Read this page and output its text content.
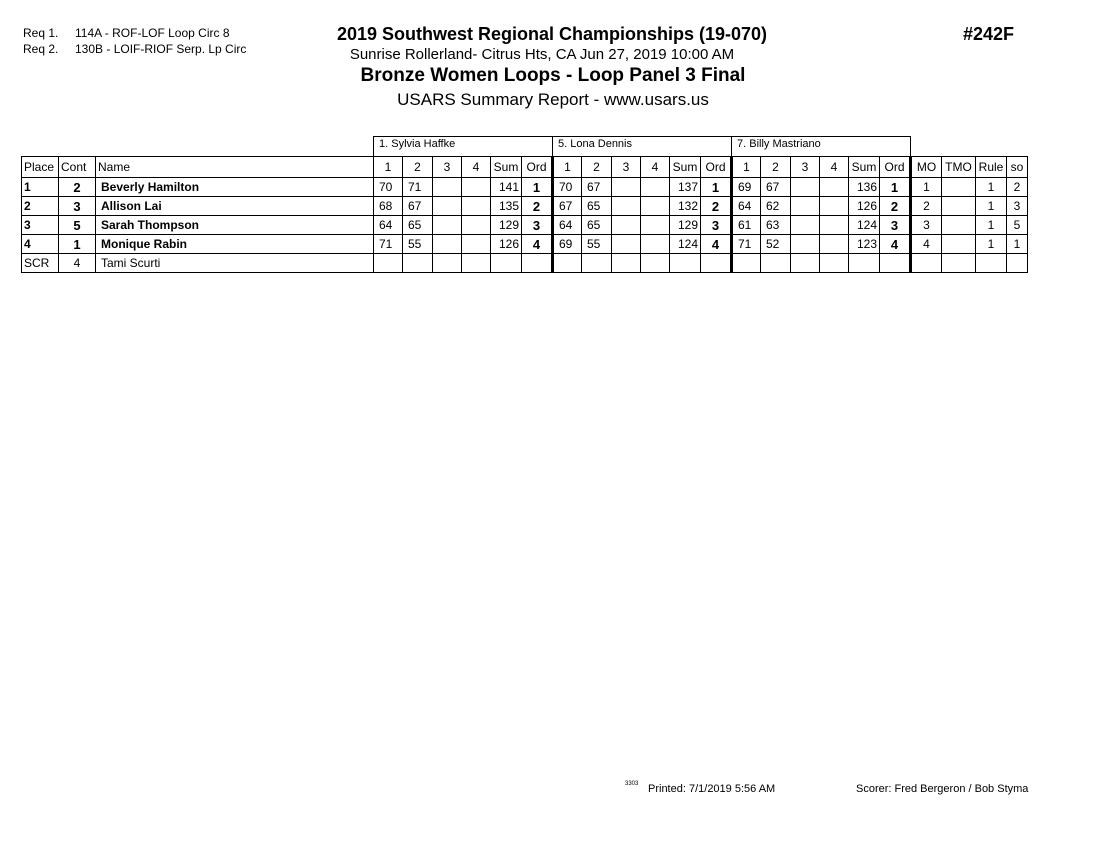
Req 1. 114A - ROF-LOF Loop Circ 8
Req 2. 130B - LOIF-RIOF Serp. Lp Circ
2019 Southwest Regional Championships (19-070)
Sunrise Rollerland- Citrus Hts, CA Jun 27, 2019 10:00 AM
Bronze Women Loops - Loop Panel 3 Final
USARS Summary Report - www.usars.us
#242F
			1. Sylvia Haffke						5. Lona Dennis						7. Billy Mastriano									
Place	Cont	Name	1	2	3	4	Sum	Ord	1	2	3	4	Sum	Ord	1	2	3	4	Sum	Ord	MO	TMO	Rule	so
1	2	Beverly Hamilton	70	71			141	1	70	67			137	1	69	67			136	1	1		1	2
2	3	Allison Lai	68	67			135	2	67	65			132	2	64	62			126	2	2		1	3
3	5	Sarah Thompson	64	65			129	3	64	65			129	3	61	63			124	3	3		1	5
4	1	Monique Rabin	71	55			126	4	69	55			124	4	71	52			123	4	4		1	1
SCR	4	Tami Scurti																						
3303 Printed: 7/1/2019 5:56 AM	Scorer: Fred Bergeron / Bob Styma
